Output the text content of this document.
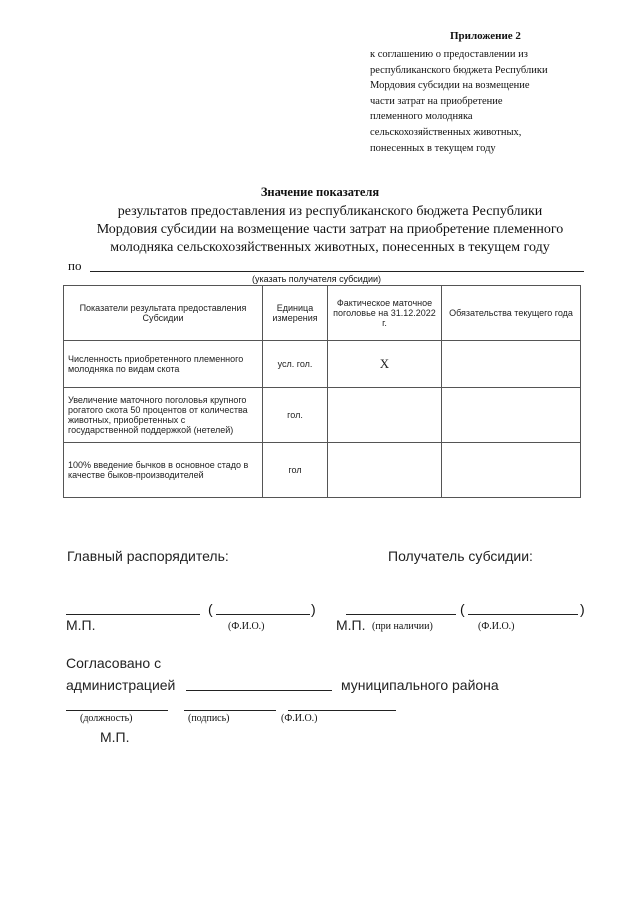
Приложение 2
к соглашению о предоставлении из
республиканского бюджета Республики
Мордовия субсидии на возмещение
части затрат на приобретение
племенного молодняка
сельскохозяйственных животных,
понесенных в текущем году
Значение показателя
результатов предоставления из республиканского бюджета Республики
Мордовия субсидии на возмещение части затрат на приобретение племенного
молодняка сельскохозяйственных животных, понесенных в текущем году
по
(указать получателя субсидии)
Показатели результата предоставления Субсидии	Единица измерения	Фактическое маточное поголовье на 31.12.2022 г.	Обязательства текущего года
Численность приобретенного племенного молодняка по видам скота	усл. гол.	Х	
Увеличение маточного поголовья крупного рогатого скота 50 процентов от количества животных, приобретенных с государственной поддержкой (нетелей)	гол.		
100% введение бычков в основное стадо в качестве быков-производителей	гол		
Главный распорядитель:	Получатель субсидии:
(	)	(	)
М.П.	(Ф.И.О.)	М.П. (при наличии)	(Ф.И.О.)
Согласовано с
администрацией	муниципального района
(должность)	(подпись)	(Ф.И.О.)
М.П.
